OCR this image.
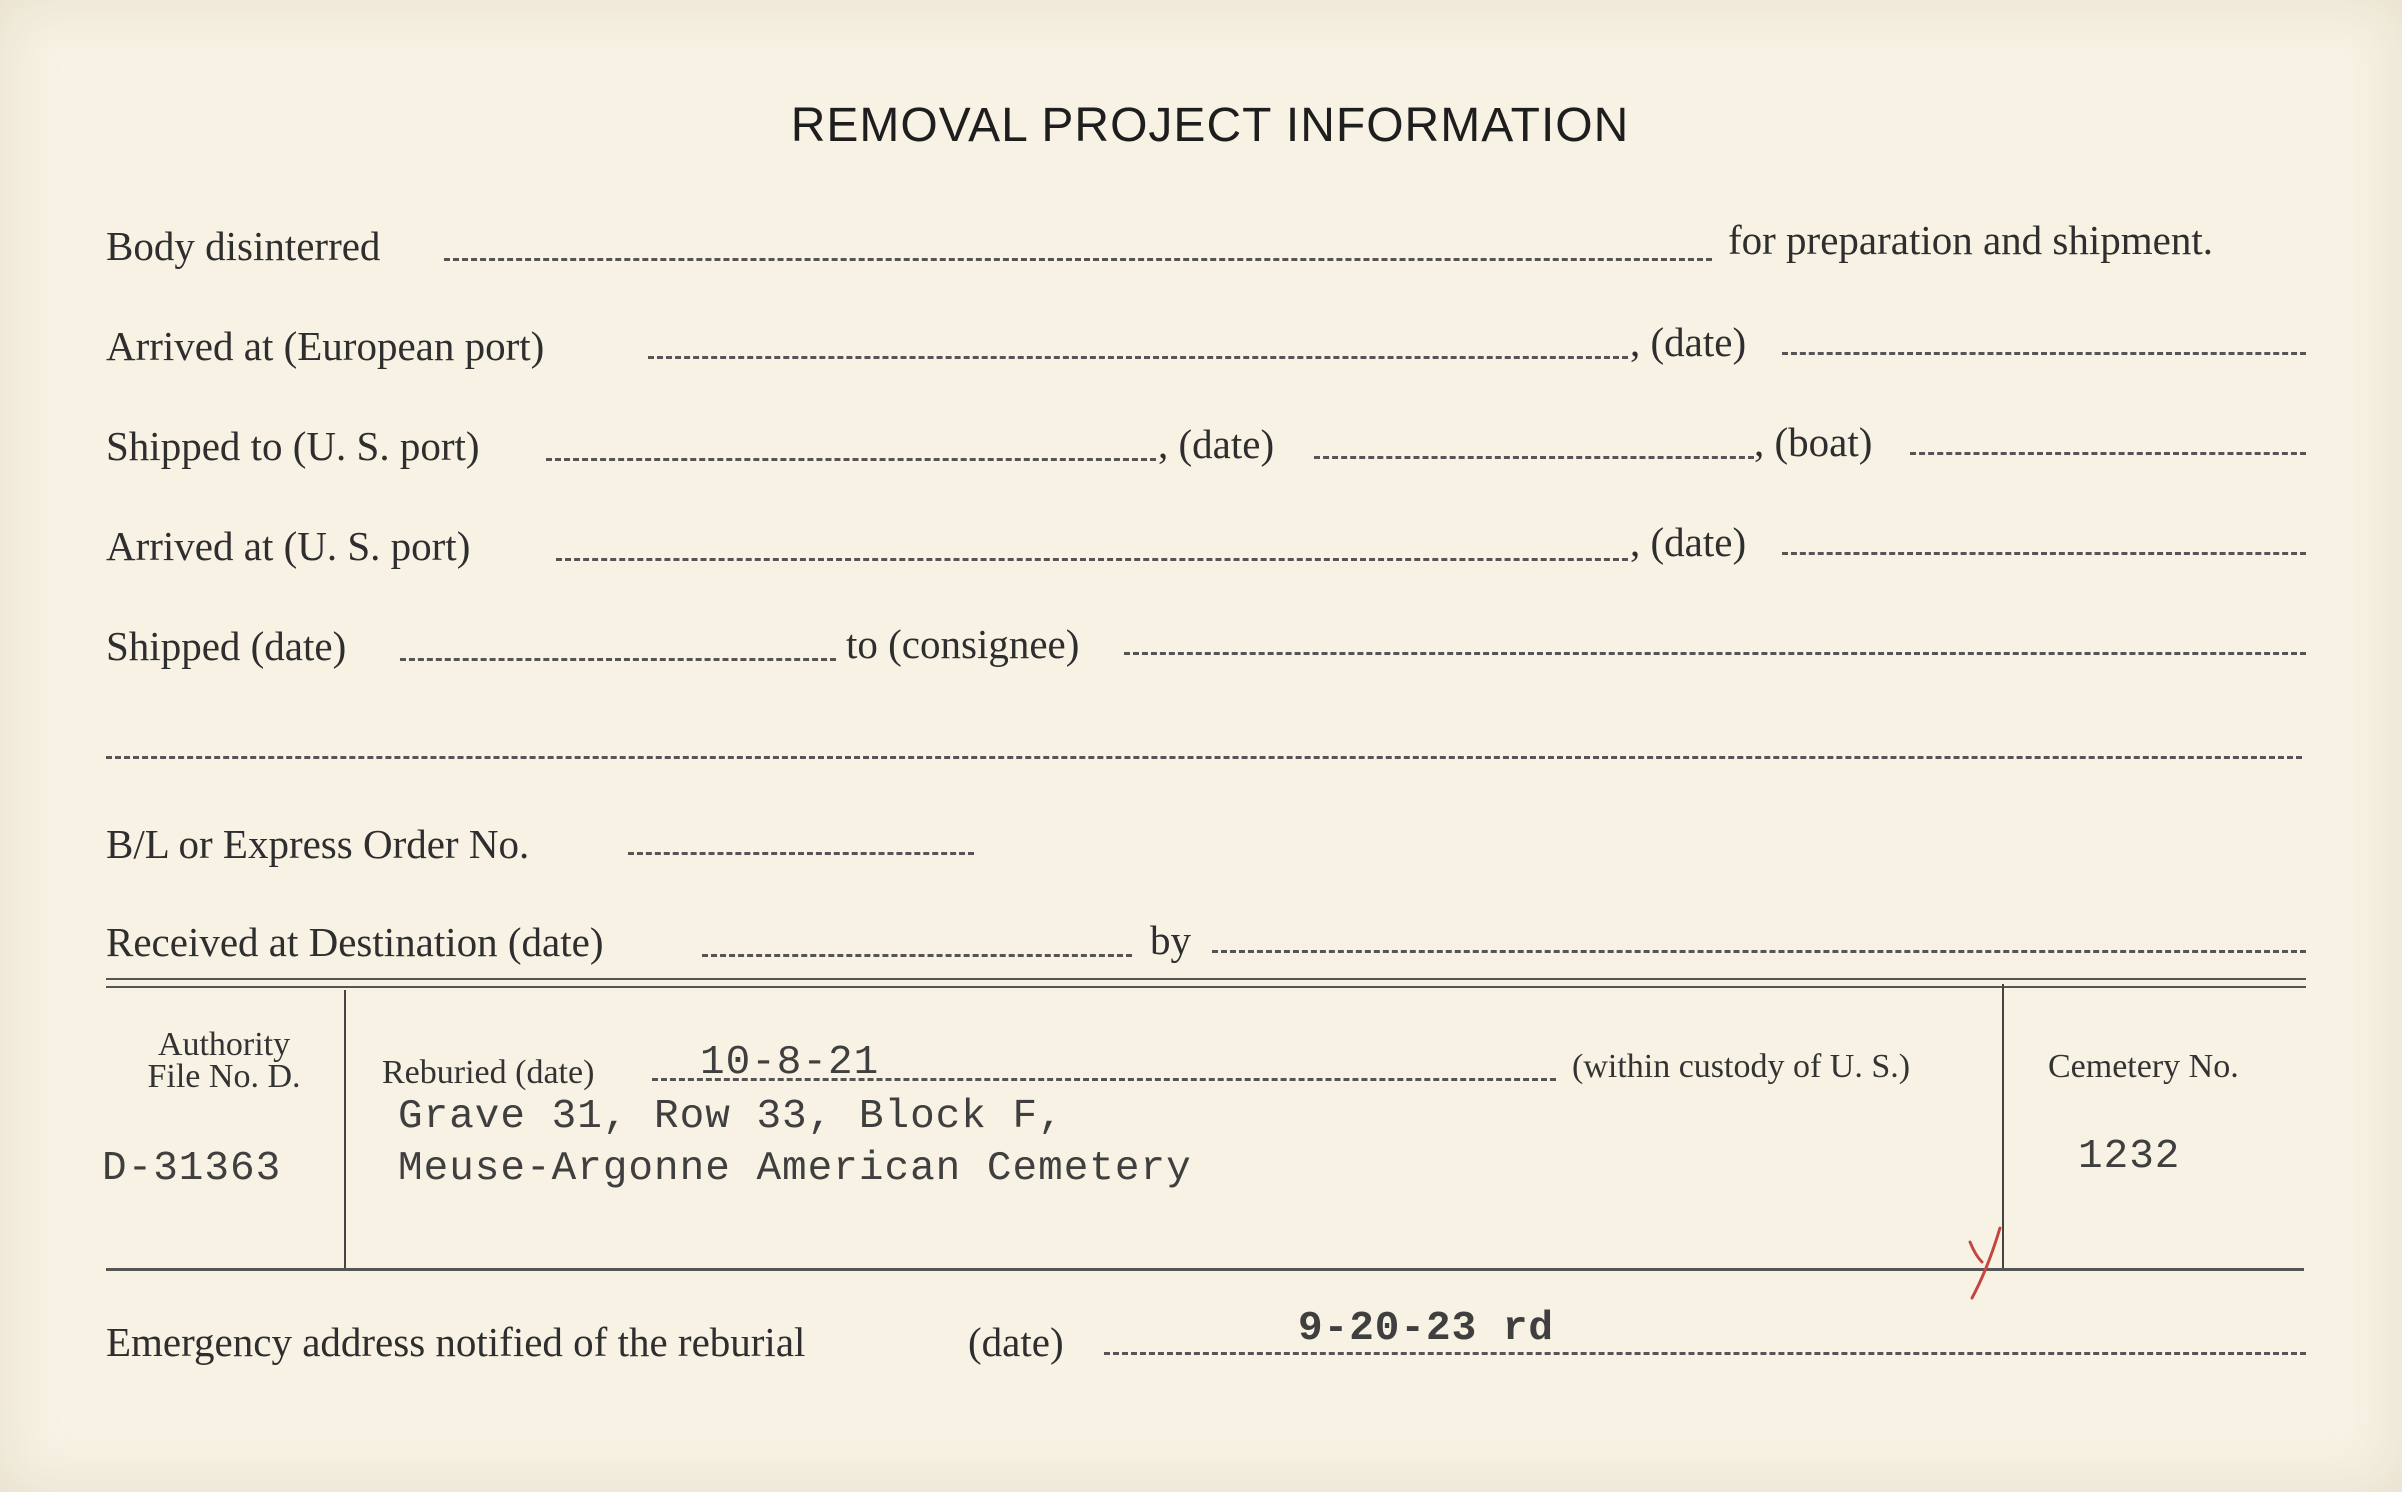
REMOVAL PROJECT INFORMATION
Body disinterred	for preparation and shipment.
Arrived at (European port)	, (date)
Shipped to (U. S. port)	, (date)	, (boat)
Arrived at (U. S. port)	, (date)
Shipped (date)	to (consignee)
B/L or Express Order No.
Received at Destination (date)	by
Authority
File No. D.
D-31363
Reburied (date)	10-8-21	(within custody of U. S.)
Grave 31, Row 33, Block F,
Meuse-Argonne American Cemetery
Cemetery No.
1232
Emergency address notified of the reburial	(date)	9-20-23 rd
